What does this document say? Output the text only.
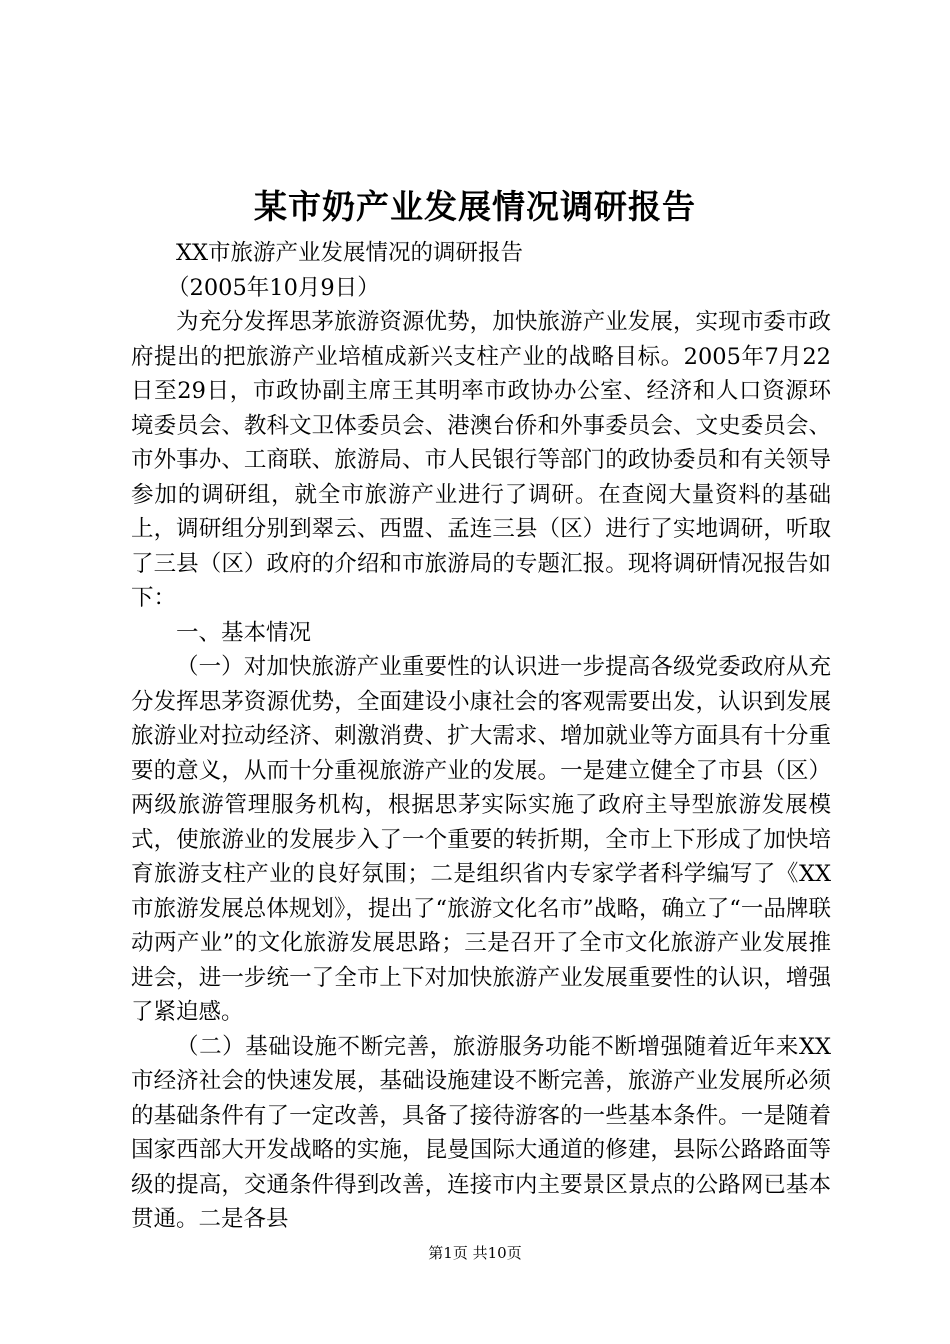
某市奶产业发展情况调研报告

XX市旅游产业发展情况的调研报告

（2005年10月9日）

为充分发挥思茅旅游资源优势，加快旅游产业发展，实现市委市政府提出的把旅游产业培植成新兴支柱产业的战略目标。2005年7月22日至29日，市政协副主席王其明率市政协办公室、经济和人口资源环境委员会、教科文卫体委员会、港澳台侨和外事委员会、文史委员会、市外事办、工商联、旅游局、市人民银行等部门的政协委员和有关领导参加的调研组，就全市旅游产业进行了调研。在查阅大量资料的基础上，调研组分别到翠云、西盟、孟连三县（区）进行了实地调研，听取了三县（区）政府的介绍和市旅游局的专题汇报。现将调研情况报告如下：

一、基本情况

（一）对加快旅游产业重要性的认识进一步提高各级党委政府从充分发挥思茅资源优势，全面建设小康社会的客观需要出发，认识到发展旅游业对拉动经济、刺激消费、扩大需求、增加就业等方面具有十分重要的意义，从而十分重视旅游产业的发展。一是建立健全了市县（区）两级旅游管理服务机构，根据思茅实际实施了政府主导型旅游发展模式，使旅游业的发展步入了一个重要的转折期，全市上下形成了加快培育旅游支柱产业的良好氛围；二是组织省内专家学者科学编写了《XX市旅游发展总体规划》，提出了“旅游文化名市”战略，确立了“一品牌联动两产业”的文化旅游发展思路；三是召开了全市文化旅游产业发展推进会，进一步统一了全市上下对加快旅游产业发展重要性的认识，增强了紧迫感。

（二）基础设施不断完善，旅游服务功能不断增强随着近年来XX市经济社会的快速发展，基础设施建设不断完善，旅游产业发展所必须的基础条件有了一定改善，具备了接待游客的一些基本条件。一是随着国家西部大开发战略的实施，昆曼国际大通道的修建，县际公路路面等级的提高，交通条件得到改善，连接市内主要景区景点的公路网已基本贯通。二是各县

第1页 共10页
